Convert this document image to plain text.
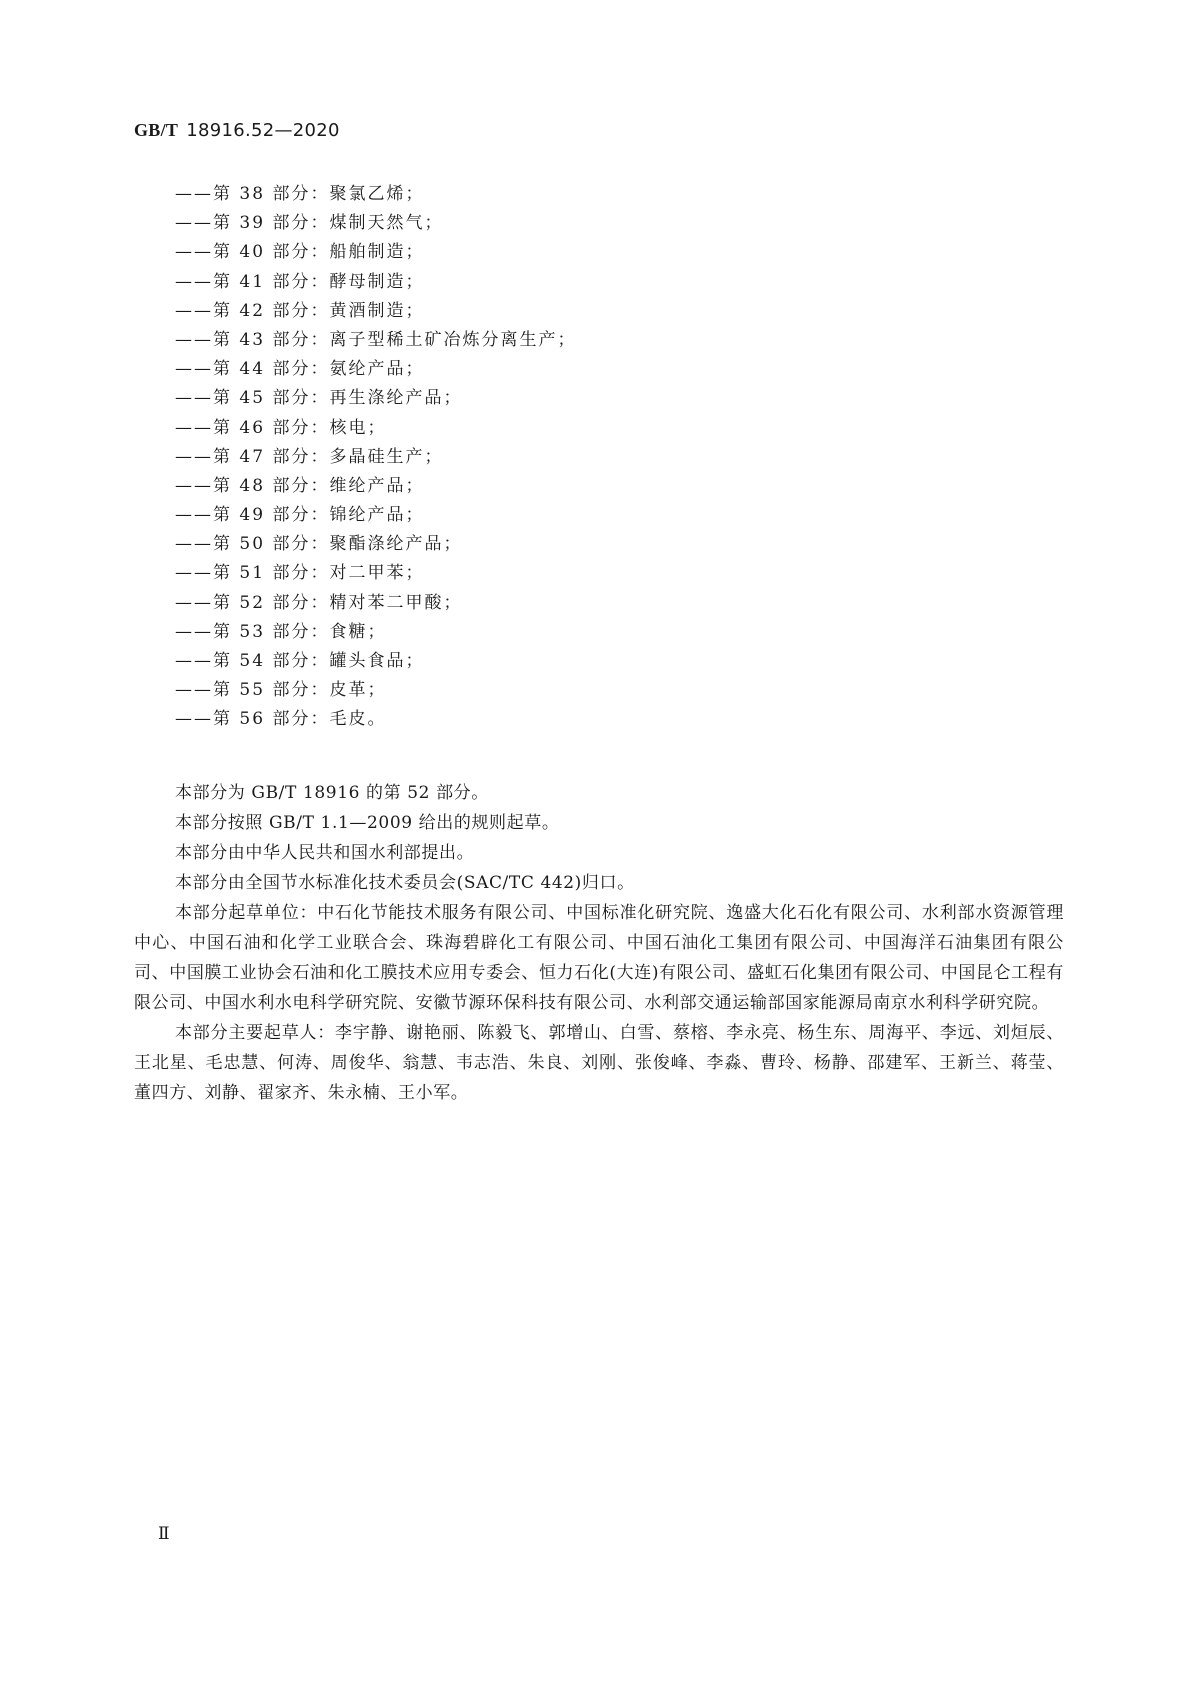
GB/T 18916.52—2020
——第 38 部分：聚氯乙烯；
——第 39 部分：煤制天然气；
——第 40 部分：船舶制造；
——第 41 部分：酵母制造；
——第 42 部分：黄酒制造；
——第 43 部分：离子型稀土矿冶炼分离生产；
——第 44 部分：氨纶产品；
——第 45 部分：再生涤纶产品；
——第 46 部分：核电；
——第 47 部分：多晶硅生产；
——第 48 部分：维纶产品；
——第 49 部分：锦纶产品；
——第 50 部分：聚酯涤纶产品；
——第 51 部分：对二甲苯；
——第 52 部分：精对苯二甲酸；
——第 53 部分：食糖；
——第 54 部分：罐头食品；
——第 55 部分：皮革；
——第 56 部分：毛皮。

本部分为 GB/T 18916 的第 52 部分。

本部分按照 GB/T 1.1—2009 给出的规则起草。

本部分由中华人民共和国水利部提出。

本部分由全国节水标准化技术委员会(SAC/TC 442)归口。

本部分起草单位：中石化节能技术服务有限公司、中国标准化研究院、逸盛大化石化有限公司、水利部水资源管理中心、中国石油和化学工业联合会、珠海碧辟化工有限公司、中国石油化工集团有限公司、中国海洋石油集团有限公司、中国膜工业协会石油和化工膜技术应用专委会、恒力石化(大连)有限公司、盛虹石化集团有限公司、中国昆仑工程有限公司、中国水利水电科学研究院、安徽节源环保科技有限公司、水利部交通运输部国家能源局南京水利科学研究院。

本部分主要起草人：李宇静、谢艳丽、陈毅飞、郭增山、白雪、蔡榕、李永亮、杨生东、周海平、李远、刘烜辰、王北星、毛忠慧、何涛、周俊华、翁慧、韦志浩、朱良、刘刚、张俊峰、李淼、曹玲、杨静、邵建军、王新兰、蒋莹、董四方、刘静、翟家齐、朱永楠、王小军。

Ⅱ
